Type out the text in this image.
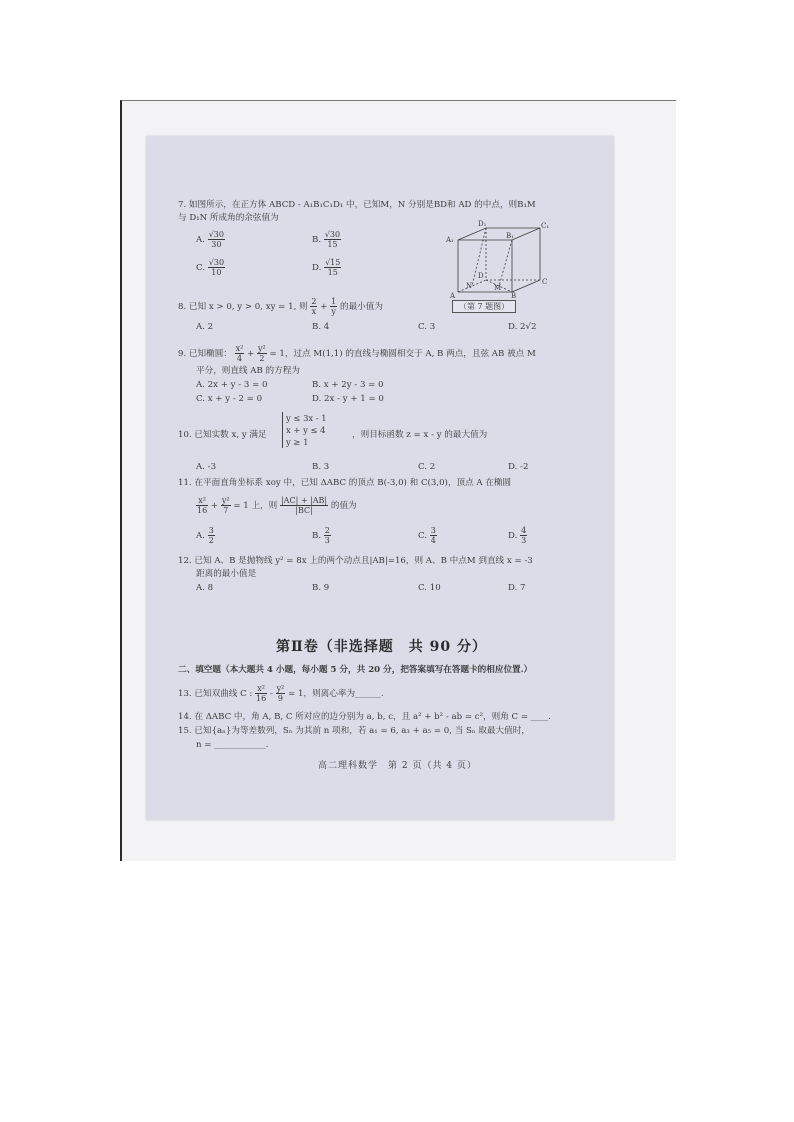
7. 如图所示，在正方体 ABCD - A₁B₁C₁D₁ 中，已知M，N 分别是BD和 AD 的中点，则B₁M
与 D₁N 所成角的余弦值为
A. $\frac{√30}{30}$	B. $\frac{√30}{15}$
C. $\frac{√30}{10}$	D. $\frac{√15}{15}$
D₁
A₁	B₁
C₁
D
A	B
C
N	M
（第 7 题图）
8. 已知 x > 0, y > 0, xy = 1, 则 $\frac{2}{x} + \frac{1}{y}$ 的最小值为
A. 2	B. 4	C. 3	D. 2√2
9. 已知椭圆： $\frac{\text{x²}}{4} + \frac{\text{y²}}{2} = 1$，过点 M(1,1) 的直线与椭圆相交于 A, B 两点，且弦 AB 被点 M
平分，则直线 AB 的方程为
A. 2x + y - 3 = 0	B. x + 2y - 3 = 0
C. x + y - 2 = 0	D. 2x - y + 1 = 0
10. 已知实数 x, y 满足
y ≤ 3x - 1
x + y ≤ 4
y ≥ 1
，则目标函数 z = x - y 的最大值为
A. -3	B. 3	C. 2	D. -2
11. 在平面直角坐标系 xoy 中，已知 ΔABC 的顶点 B(-3,0) 和 C(3,0)，顶点 A 在椭圆
$\frac{\text{x²}}{16} + \frac{\text{y²}}{7} = 1$ 上，则 $\frac{|AC| + |AB|}{|BC|}$ 的值为
A. $\frac{3}{2}$	B. $\frac{2}{3}$	C. $\frac{3}{4}$	D. $\frac{4}{3}$
12. 已知 A、B 是抛物线 y² = 8x 上的两个动点且|AB|=16，则 A、B 中点M 到直线 x = -3
距离的最小值是
A. 8	B. 9	C. 10	D. 7
第Ⅱ卷（非选择题　共 90 分）
二、填空题（本大题共 4 小题，每小题 5 分，共 20 分，把答案填写在答题卡的相应位置.）
13. 已知双曲线 C : $\frac{\text{x²}}{16} - \frac{\text{y²}}{9} = 1$，则离心率为______.
14. 在 ΔABC 中，角 A, B, C 所对应的边分别为 a, b, c，且 a² + b² - ab = c²，则角 C = ____.
15. 已知{aₙ}为等差数列，Sₙ 为其前 n 项和，若 a₁ = 6, a₃ + a₅ = 0, 当 Sₙ 取最大值时，
n = ____________.
高二理科数学　第 2 页（共 4 页）
